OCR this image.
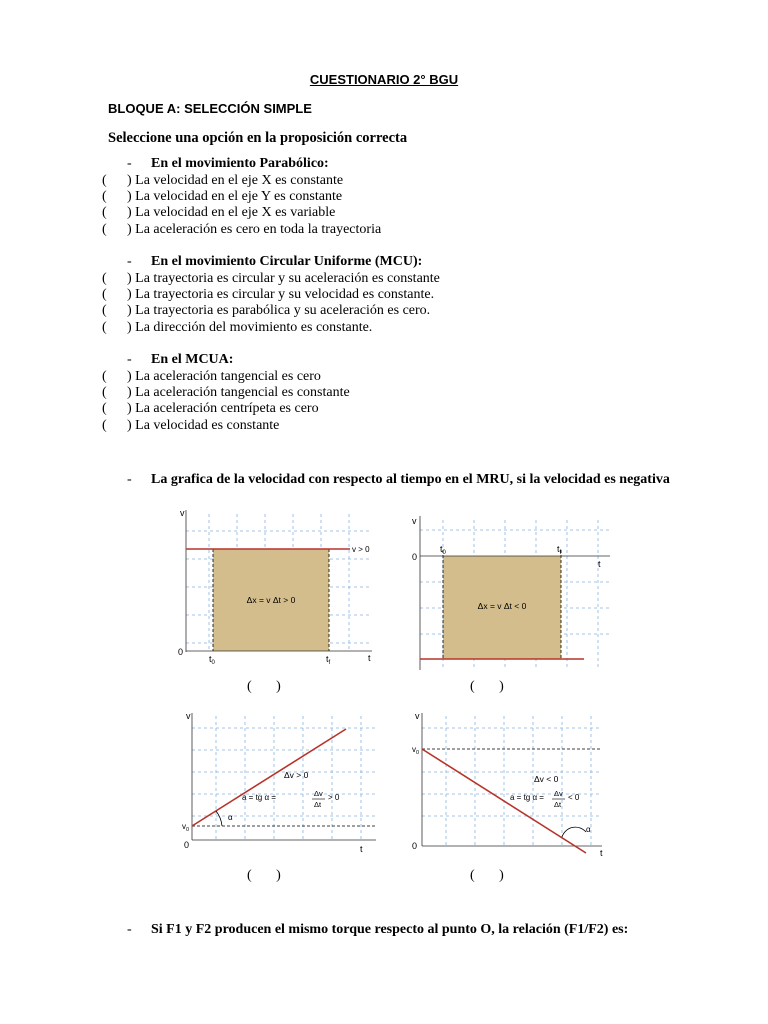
CUESTIONARIO 2° BGU
BLOQUE A: SELECCIÓN SIMPLE
Seleccione una opción en la proposición correcta
- En el movimiento Parabólico:
( ) La velocidad en el eje X es constante
( ) La velocidad en el eje Y es constante
( ) La velocidad en el eje X es variable
( ) La aceleración es cero en toda la trayectoria
- En el movimiento Circular Uniforme (MCU):
( ) La trayectoria es circular y su aceleración es constante
( ) La trayectoria es circular y su velocidad es constante.
( ) La trayectoria es parabólica y su aceleración es cero.
( ) La dirección del movimiento es constante.
- En el MCUA:
( ) La aceleración tangencial es cero
( ) La aceleración tangencial es constante
( ) La aceleración centrípeta es cero
( ) La velocidad es constante
- La grafica de la velocidad con respecto al tiempo en el MRU, si la velocidad es negativa
v
t
0
v > 0
Δx = v Δt > 0
$t_0$	$t_f$
v
t
0
Δx = v Δt < 0
$t_0$	$t_f$
(       )	(       )
v
t
0
$v_0$
α
Δv > 0
a = tg α =	Δv
Δt
> 0
v
t
0
$v_0$
α
Δv < 0
a = tg α = Δv
Δt
< 0
(       )	(       )
- Si F1 y F2 producen el mismo torque respecto al punto O, la relación (F1/F2) es:
